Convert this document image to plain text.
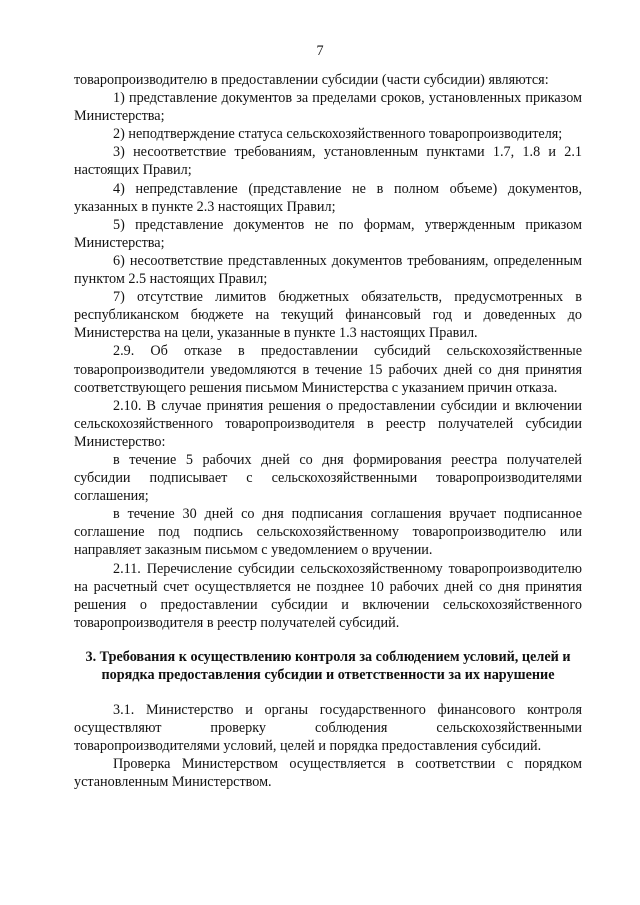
7

товаропроизводителю в предоставлении субсидии (части субсидии) являются:

1) представление документов за пределами сроков, установленных приказом Министерства;

2) неподтверждение статуса сельскохозяйственного товаропроизводителя;

3) несоответствие требованиям, установленным пунктами 1.7, 1.8 и 2.1 настоящих Правил;

4) непредставление (представление не в полном объеме) документов, указанных в пункте 2.3 настоящих Правил;

5) представление документов не по формам, утвержденным приказом Министерства;

6) несоответствие представленных документов требованиям, определенным пунктом 2.5 настоящих Правил;

7) отсутствие лимитов бюджетных обязательств, предусмотренных в республиканском бюджете на текущий финансовый год и доведенных до Министерства на цели, указанные в пункте 1.3 настоящих Правил.

2.9. Об отказе в предоставлении субсидий сельскохозяйственные товаропроизводители уведомляются в течение 15 рабочих дней со дня принятия соответствующего решения письмом Министерства с указанием причин отказа.

2.10. В случае принятия решения о предоставлении субсидии и включении сельскохозяйственного товаропроизводителя в реестр получателей субсидии Министерство:

в течение 5 рабочих дней со дня формирования реестра получателей субсидии подписывает с сельскохозяйственными товаропроизводителями соглашения;

в течение 30 дней со дня подписания соглашения вручает подписанное соглашение под подпись сельскохозяйственному товаропроизводителю или направляет заказным письмом с уведомлением о вручении.

2.11. Перечисление субсидии сельскохозяйственному товаропроизводителю на расчетный счет осуществляется не позднее 10 рабочих дней со дня принятия решения о предоставлении субсидии и включении сельскохозяйственного товаропроизводителя в реестр получателей субсидий.

3. Требования к осуществлению контроля за соблюдением условий, целей и порядка предоставления субсидии и ответственности за их нарушение

3.1. Министерство и органы государственного финансового контроля осуществляют проверку соблюдения сельскохозяйственными товаропроизводителями условий, целей и порядка предоставления субсидий.

Проверка Министерством осуществляется в соответствии с порядком установленным Министерством.
